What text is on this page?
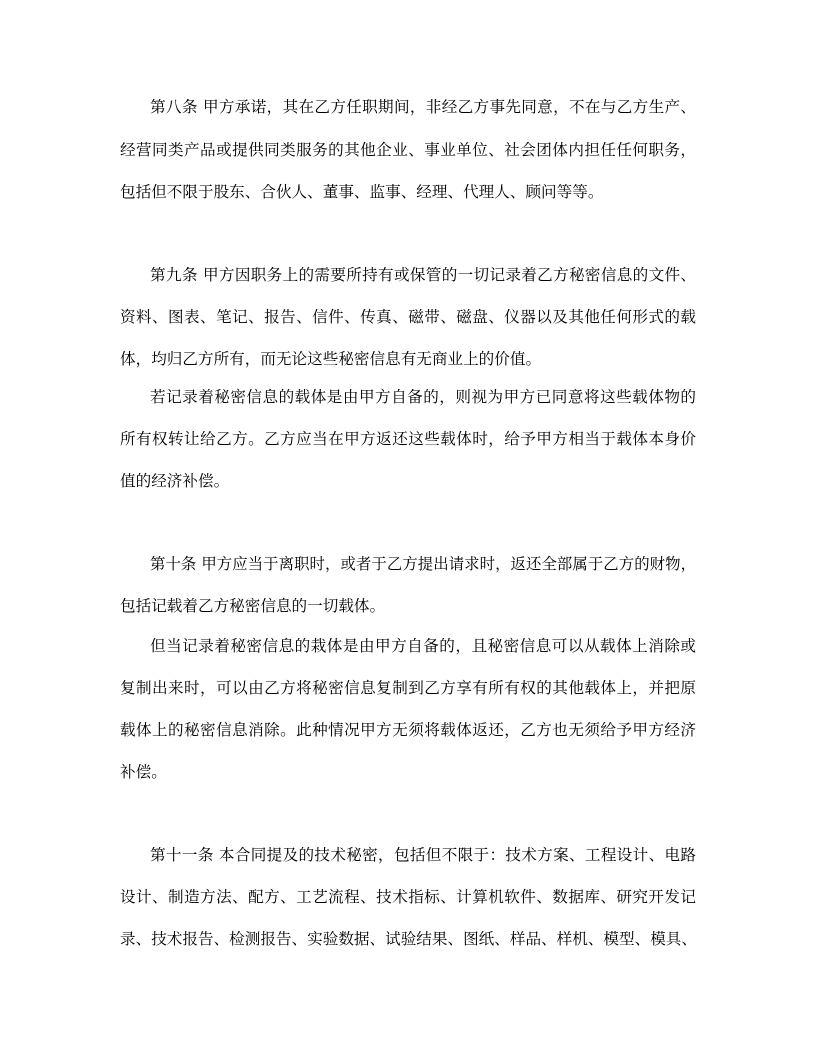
第八条 甲方承诺，其在乙方任职期间，非经乙方事先同意，不在与乙方生产、
经营同类产品或提供同类服务的其他企业、事业单位、社会团体内担任任何职务，
包括但不限于股东、合伙人、董事、监事、经理、代理人、顾问等等。
第九条 甲方因职务上的需要所持有或保管的一切记录着乙方秘密信息的文件、
资料、图表、笔记、报告、信件、传真、磁带、磁盘、仪器以及其他任何形式的载
体，均归乙方所有，而无论这些秘密信息有无商业上的价值。
若记录着秘密信息的载体是由甲方自备的，则视为甲方已同意将这些载体物的
所有权转让给乙方。乙方应当在甲方返还这些载体时，给予甲方相当于载体本身价
值的经济补偿。
第十条 甲方应当于离职时，或者于乙方提出请求时，返还全部属于乙方的财物，
包括记载着乙方秘密信息的一切载体。
但当记录着秘密信息的栽体是由甲方自备的，且秘密信息可以从载体上消除或
复制出来时，可以由乙方将秘密信息复制到乙方享有所有权的其他载体上，并把原
载体上的秘密信息消除。此种情况甲方无须将载体返还，乙方也无须给予甲方经济
补偿。
第十一条 本合同提及的技术秘密，包括但不限于：技术方案、工程设计、电路
设计、制造方法、配方、工艺流程、技术指标、计算机软件、数据库、研究开发记
录、技术报告、检测报告、实验数据、试验结果、图纸、样品、样机、模型、模具、
